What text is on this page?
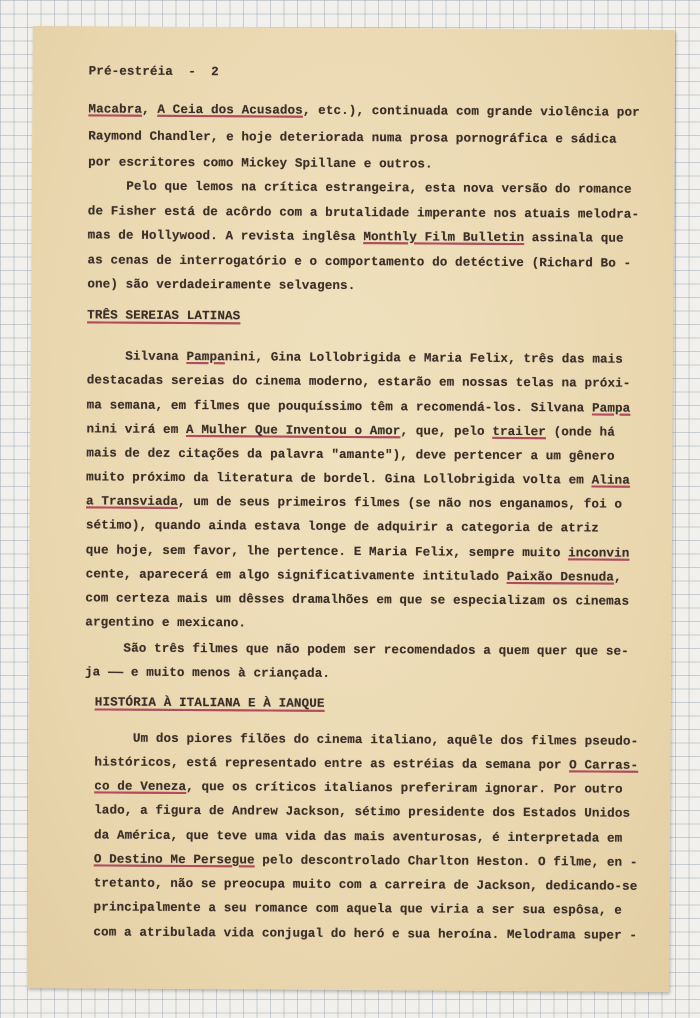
Pré-estréia  -  2

Macabra, A Ceia dos Acusados, etc.), continuada com grande violência por

Raymond Chandler, e hoje deteriorada numa prosa pornográfica e sádica

por escritores como Mickey Spillane e outros.

Pelo que lemos na crítica estrangeira, esta nova versão do romance

de Fisher está de acôrdo com a brutalidade imperante nos atuais melodra-

mas de Hollywood. A revista inglêsa Monthly Film Bulletin assinala que

as cenas de interrogatório e o comportamento do detéctive (Richard Bo -

one) são verdadeiramente selvagens.

TRÊS SEREIAS LATINAS

Silvana Pampanini, Gina Lollobrigida e Maria Felix, três das mais
destacadas sereias do cinema moderno, estarão em nossas telas na próxi-
ma semana, em filmes que pouquíssimo têm a recomendá-los. Silvana Pampa
nini virá em A Mulher Que Inventou o Amor, que, pelo trailer (onde há
mais de dez citações da palavra "amante"), deve pertencer a um gênero
muito próximo da literatura de bordel. Gina Lollobrigida volta em Alina
a Transviada, um de seus primeiros filmes (se não nos enganamos, foi o
sétimo), quando ainda estava longe de adquirir a categoria de atriz
que hoje, sem favor, lhe pertence. E Maria Felix, sempre muito inconvin
cente, aparecerá em algo significativamente intitulado Paixão Desnuda,
com certeza mais um dêsses dramalhões em que se especializam os cinemas
argentino e mexicano.
São três filmes que não podem ser recomendados a quem quer que se-
ja —— e muito menos à criançada.

HISTÓRIA À ITALIANA E À IANQUE

Um dos piores filões do cinema italiano, aquêle dos filmes pseudo-
históricos, está representado entre as estréias da semana por O Carras-
co de Veneza, que os críticos italianos preferiram ignorar. Por outro
lado, a figura de Andrew Jackson, sétimo presidente dos Estados Unidos
da América, que teve uma vida das mais aventurosas, é interpretada em
O Destino Me Persegue pelo descontrolado Charlton Heston. O filme, en -
tretanto, não se preocupa muito com a carreira de Jackson, dedicando-se
principalmente a seu romance com aquela que viria a ser sua espôsa, e
com a atribulada vida conjugal do heró e sua heroína. Melodrama super -
